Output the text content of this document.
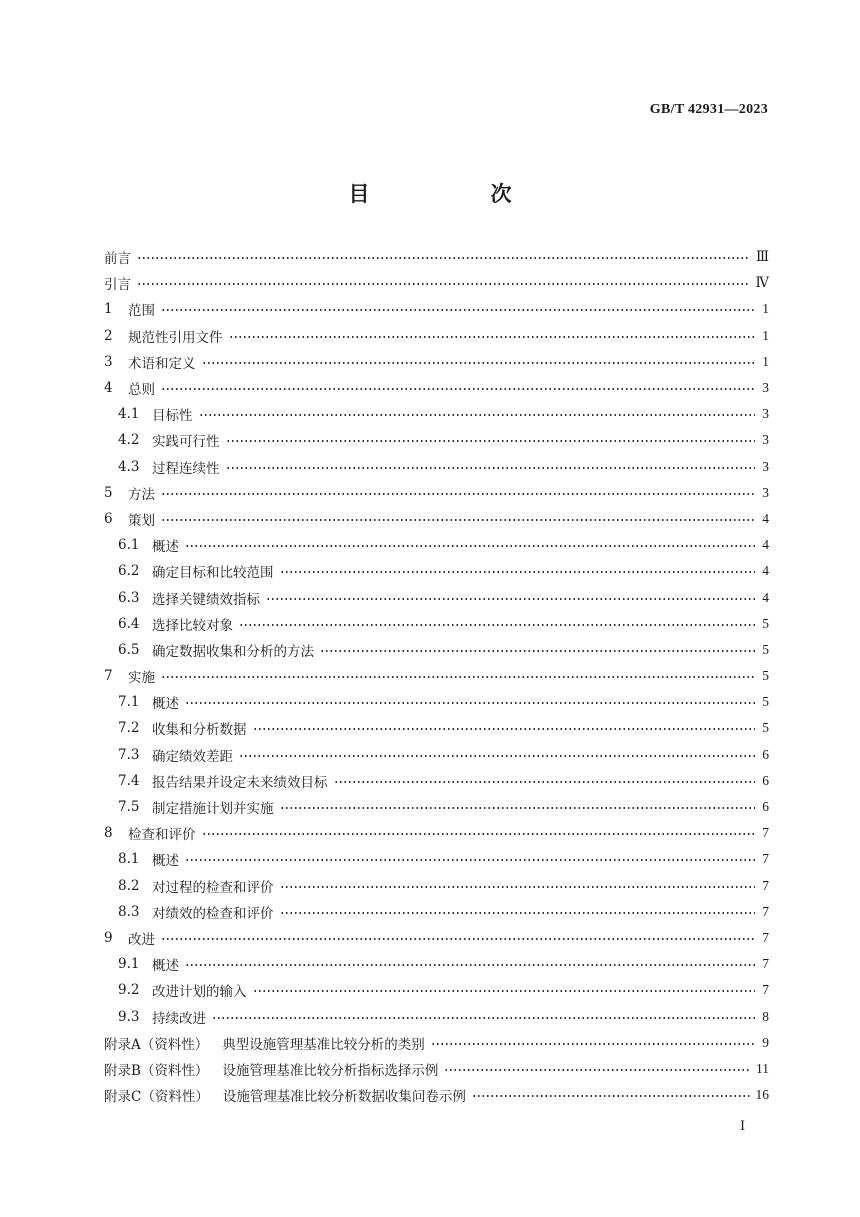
GB/T 42931—2023
目　次
前言	Ⅲ
引言	Ⅳ
1	范围	1
2	规范性引用文件	1
3	术语和定义	1
4	总则	3
4.1 目标性	3
4.2 实践可行性	3
4.3 过程连续性	3
5	方法	3
6	策划	4
6.1 概述	4
6.2 确定目标和比较范围	4
6.3 选择关键绩效指标	4
6.4 选择比较对象	5
6.5 确定数据收集和分析的方法	5
7	实施	5
7.1 概述	5
7.2 收集和分析数据	5
7.3 确定绩效差距	6
7.4 报告结果并设定未来绩效目标	6
7.5 制定措施计划并实施	6
8	检查和评价	7
8.1 概述	7
8.2 对过程的检查和评价	7
8.3 对绩效的检查和评价	7
9	改进	7
9.1 概述	7
9.2 改进计划的输入	7
9.3 持续改进	8
附录A（资料性）	典型设施管理基准比较分析的类别	9
附录B（资料性）	设施管理基准比较分析指标选择示例	11
附录C（资料性）	设施管理基准比较分析数据收集问卷示例	16
Ⅰ
